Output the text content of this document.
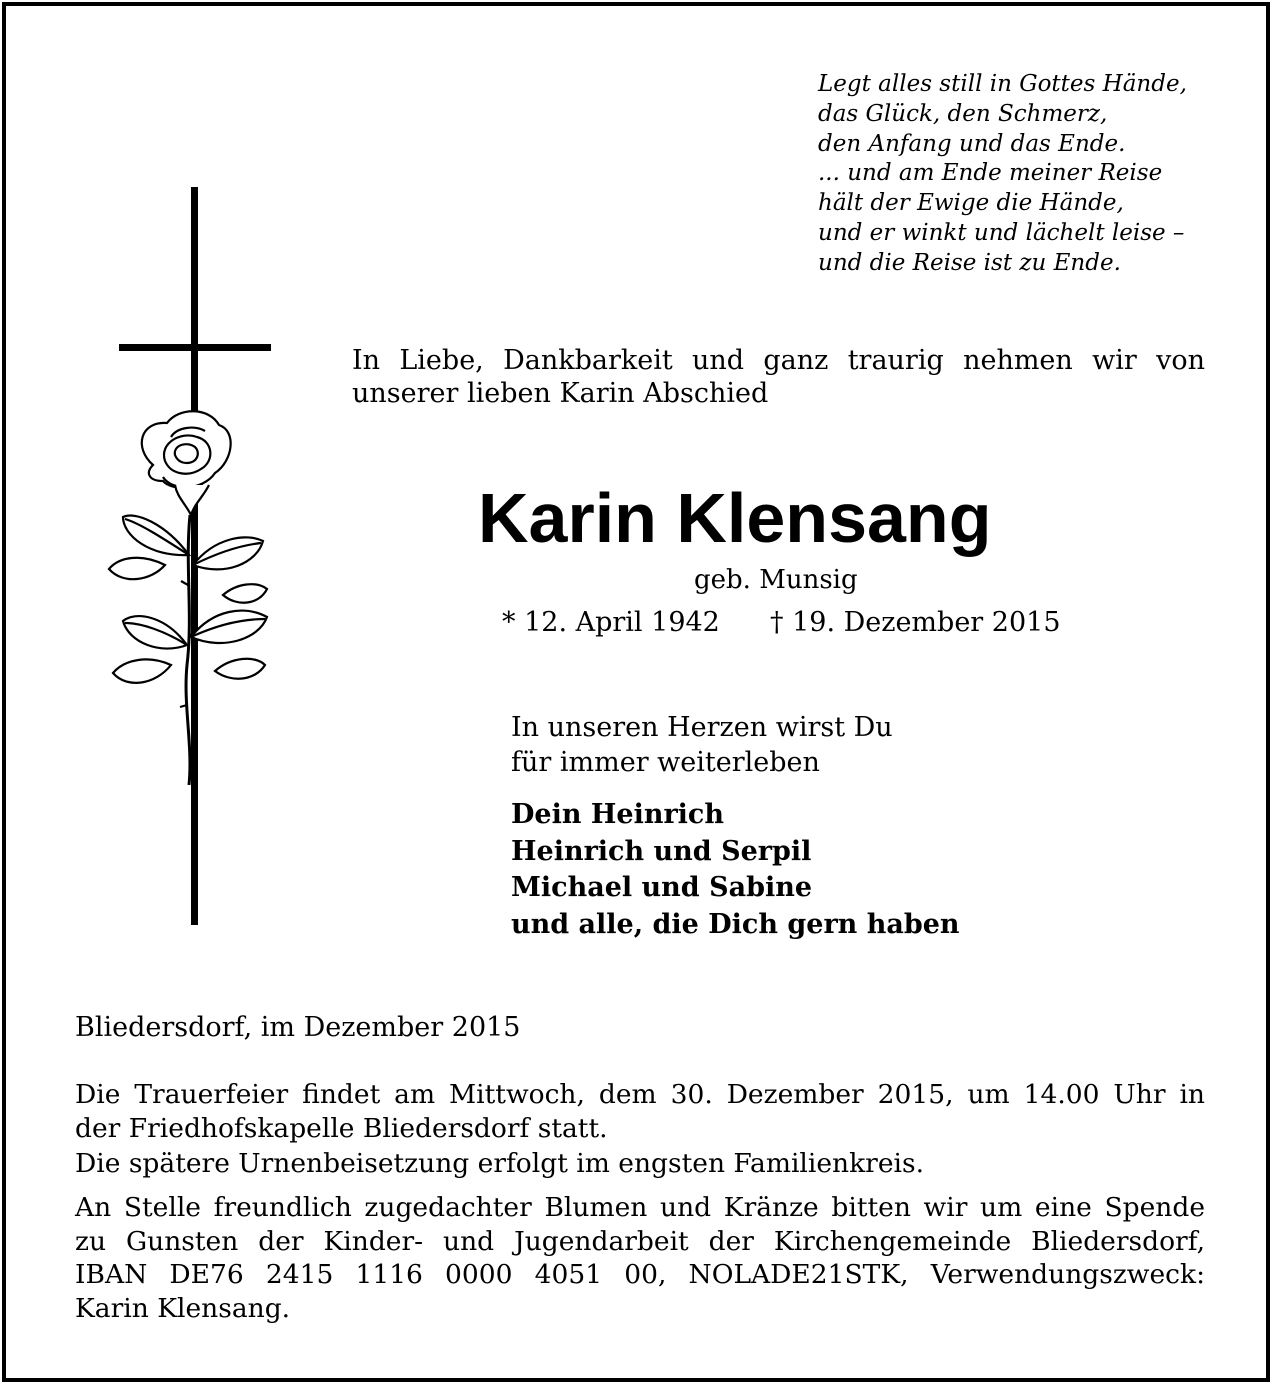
Legt alles still in Gottes Hände,
das Glück, den Schmerz,
den Anfang und das Ende.
... und am Ende meiner Reise
hält der Ewige die Hände,
und er winkt und lächelt leise –
und die Reise ist zu Ende.
In Liebe, Dankbarkeit und ganz traurig nehmen wir von
unserer lieben Karin Abschied
Karin Klensang
geb. Munsig
* 12. April 1942 † 19. Dezember 2015
In unseren Herzen wirst Du
für immer weiterleben
Dein Heinrich
Heinrich und Serpil
Michael und Sabine
und alle, die Dich gern haben
Bliedersdorf, im Dezember 2015
Die Trauerfeier findet am Mittwoch, dem 30. Dezember 2015, um 14.00 Uhr in
der Friedhofskapelle Bliedersdorf statt.
Die spätere Urnenbeisetzung erfolgt im engsten Familienkreis.
An Stelle freundlich zugedachter Blumen und Kränze bitten wir um eine Spende
zu Gunsten der Kinder- und Jugendarbeit der Kirchengemeinde Bliedersdorf,
IBAN DE76 2415 1116 0000 4051 00, NOLADE21STK, Verwendungszweck:
Karin Klensang.
